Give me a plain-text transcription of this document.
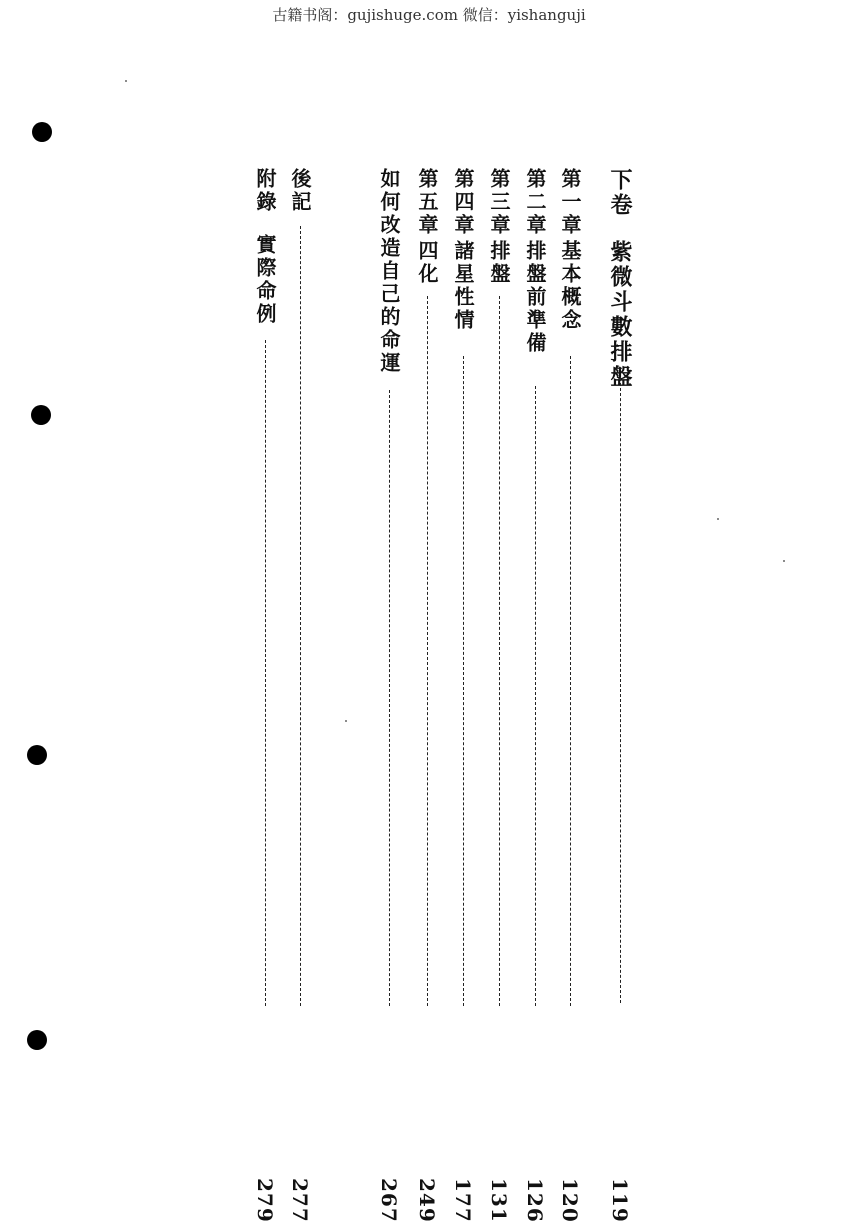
古籍书阁：gujishuge.com 微信：yishanguji
下卷
紫微斗數排盤
119
第一章
基本概念
120
第二章
排盤前準備
126
第三章
排盤
131
第四章
諸星性情
177
第五章
四化
249
如何改造自己的命運
267
後記
277
附錄
實際命例
279
